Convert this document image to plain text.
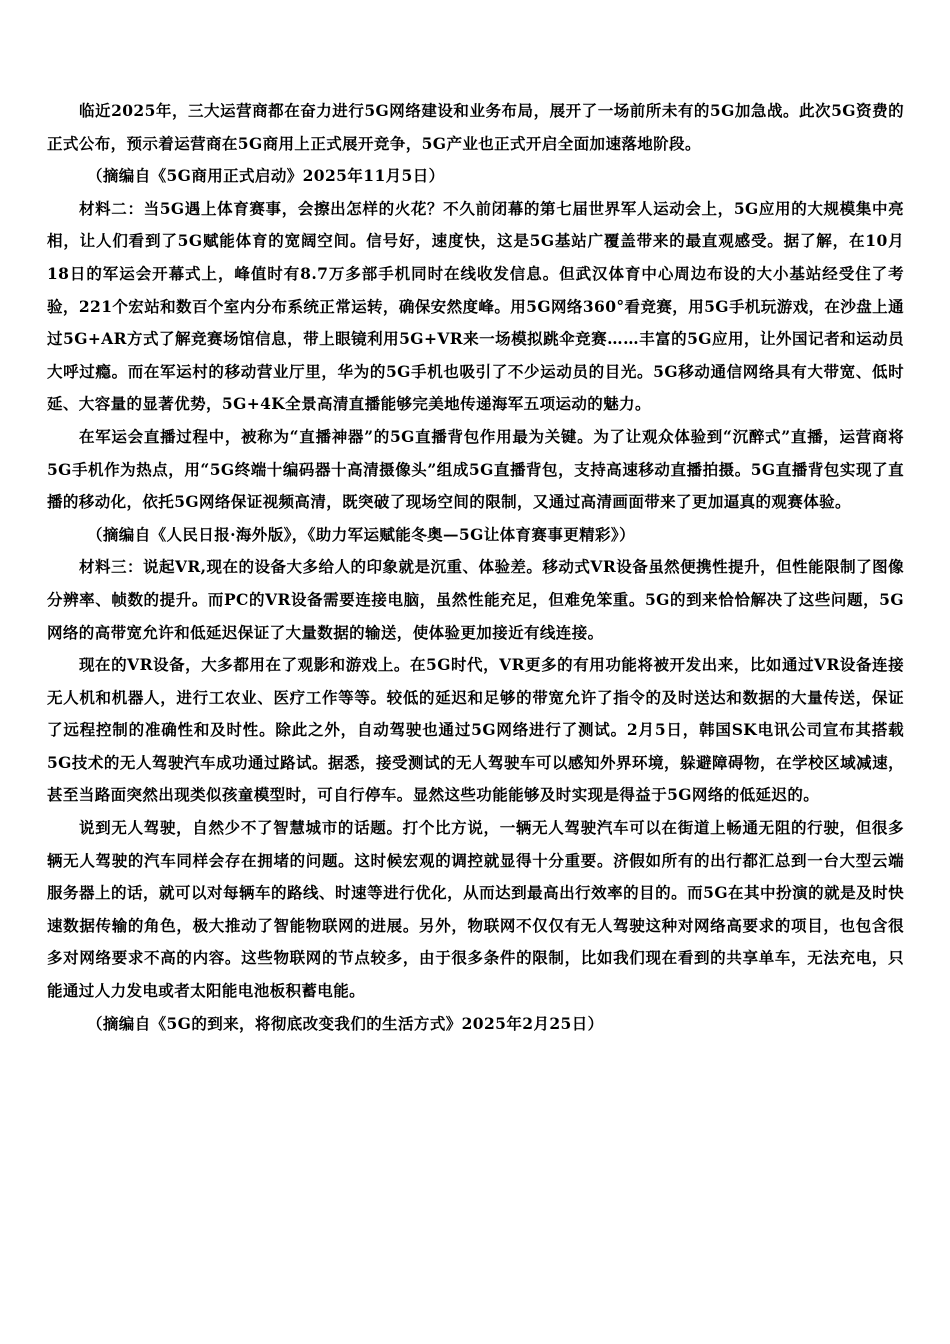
临近2025年，三大运营商都在奋力进行5G网络建设和业务布局，展开了一场前所未有的5G加急战。此次5G资费的正式公布，预示着运营商在5G商用上正式展开竞争，5G产业也正式开启全面加速落地阶段。

（摘编自《5G商用正式启动》2025年11月5日）

材料二：当5G遇上体育赛事，会擦出怎样的火花？不久前闭幕的第七届世界军人运动会上，5G应用的大规模集中亮相，让人们看到了5G赋能体育的宽阔空间。信号好，速度快，这是5G基站广覆盖带来的最直观感受。据了解，在10月18日的军运会开幕式上，峰值时有8.7万多部手机同时在线收发信息。但武汉体育中心周边布设的大小基站经受住了考验，221个宏站和数百个室内分布系统正常运转，确保安然度峰。用5G网络360°看竞赛，用5G手机玩游戏，在沙盘上通过5G+AR方式了解竞赛场馆信息，带上眼镜利用5G+VR来一场模拟跳伞竞赛……丰富的5G应用，让外国记者和运动员大呼过瘾。而在军运村的移动营业厅里，华为的5G手机也吸引了不少运动员的目光。5G移动通信网络具有大带宽、低时延、大容量的显著优势，5G+4K全景高清直播能够完美地传递海军五项运动的魅力。

在军运会直播过程中，被称为“直播神器”的5G直播背包作用最为关键。为了让观众体验到“沉醉式”直播，运营商将5G手机作为热点，用“5G终端十编码器十高清摄像头”组成5G直播背包，支持高速移动直播拍摄。5G直播背包实现了直播的移动化，依托5G网络保证视频高清，既突破了现场空间的限制，又通过高清画面带来了更加逼真的观赛体验。

（摘编自《人民日报·海外版》，《助力军运赋能冬奥—5G让体育赛事更精彩》）

材料三：说起VR,现在的设备大多给人的印象就是沉重、体验差。移动式VR设备虽然便携性提升，但性能限制了图像分辨率、帧数的提升。而PC的VR设备需要连接电脑，虽然性能充足，但难免笨重。5G的到来恰恰解决了这些问题，5G网络的高带宽允许和低延迟保证了大量数据的输送，使体验更加接近有线连接。

现在的VR设备，大多都用在了观影和游戏上。在5G时代，VR更多的有用功能将被开发出来，比如通过VR设备连接无人机和机器人，进行工农业、医疗工作等等。较低的延迟和足够的带宽允许了指令的及时送达和数据的大量传送，保证了远程控制的准确性和及时性。除此之外，自动驾驶也通过5G网络进行了测试。2月5日，韩国SK电讯公司宣布其搭载5G技术的无人驾驶汽车成功通过路试。据悉，接受测试的无人驾驶车可以感知外界环境，躲避障碍物，在学校区域减速，甚至当路面突然出现类似孩童模型时，可自行停车。显然这些功能能够及时实现是得益于5G网络的低延迟的。

说到无人驾驶，自然少不了智慧城市的话题。打个比方说，一辆无人驾驶汽车可以在街道上畅通无阻的行驶，但很多辆无人驾驶的汽车同样会存在拥堵的问题。这时候宏观的调控就显得十分重要。济假如所有的出行都汇总到一台大型云端服务器上的话，就可以对每辆车的路线、时速等进行优化，从而达到最高出行效率的目的。而5G在其中扮演的就是及时快速数据传输的角色，极大推动了智能物联网的进展。另外，物联网不仅仅有无人驾驶这种对网络高要求的项目，也包含很多对网络要求不高的内容。这些物联网的节点较多，由于很多条件的限制，比如我们现在看到的共享单车，无法充电，只能通过人力发电或者太阳能电池板积蓄电能。

（摘编自《5G的到来，将彻底改变我们的生活方式》2025年2月25日）
